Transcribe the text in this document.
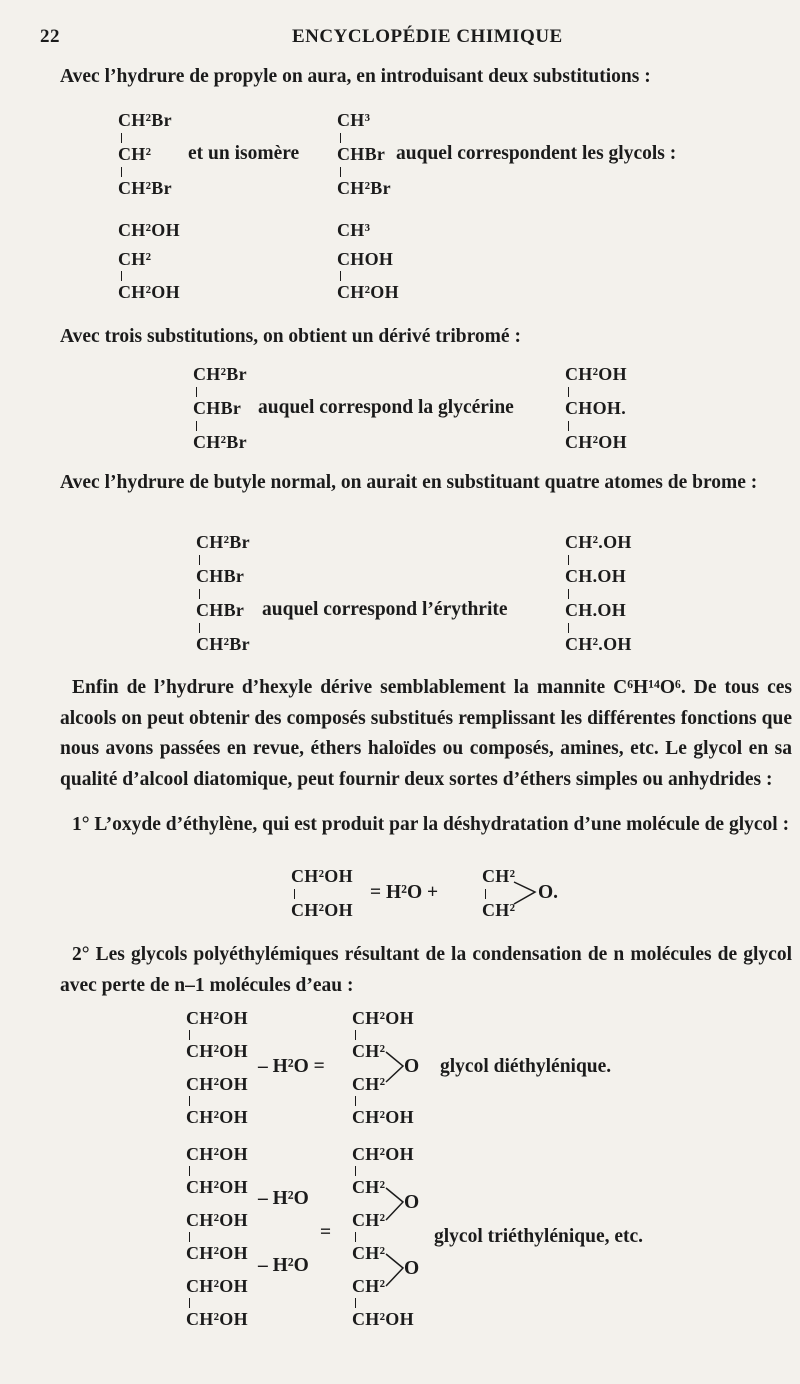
22	ENCYCLOPÉDIE CHIMIQUE
Avec l’hydrure de propyle on aura, en introduisant deux substitutions :
CH²Br
CH²
CH²Br
et un isomère
CH³
CHBr
CH²Br
auquel correspondent les glycols :
CH²OH
CH²
CH²OH
CH³
CHOH
CH²OH
Avec trois substitutions, on obtient un dérivé tribromé :
CH²Br
CHBr
CH²Br
auquel correspond la glycérine
CH²OH
CHOH.
CH²OH
Avec l’hydrure de butyle normal, on aurait en substituant quatre atomes de brome :
CH²Br
CHBr
CHBr
CH²Br
auquel correspond l’érythrite
CH².OH
CH.OH
CH.OH
CH².OH
Enfin de l’hydrure d’hexyle dérive semblablement la mannite C⁶H¹⁴O⁶. De tous ces alcools on peut obtenir des composés substitués remplissant les différentes fonctions que nous avons passées en revue, éthers haloïdes ou composés, amines, etc. Le glycol en sa qualité d’alcool diatomique, peut fournir deux sortes d’éthers simples ou anhydrides :
1° L’oxyde d’éthylène, qui est produit par la déshydratation d’une molécule de glycol :
CH²OH
CH²OH
= H²O +
CH²
CH²
O.
2° Les glycols polyéthylémiques résultant de la condensation de n molécules de glycol avec perte de n–1 molécules d’eau :
CH²OH
CH²OH
CH²OH
CH²OH
– H²O =
CH²OH
CH²
CH²
CH²OH
O glycol diéthylénique.
CH²OH
CH²OH
CH²OH
CH²OH
CH²OH
CH²OH
– H²O
=
– H²O
CH²OH
CH²
CH²
CH²
CH²
CH²OH
O
O
glycol triéthylénique, etc.
